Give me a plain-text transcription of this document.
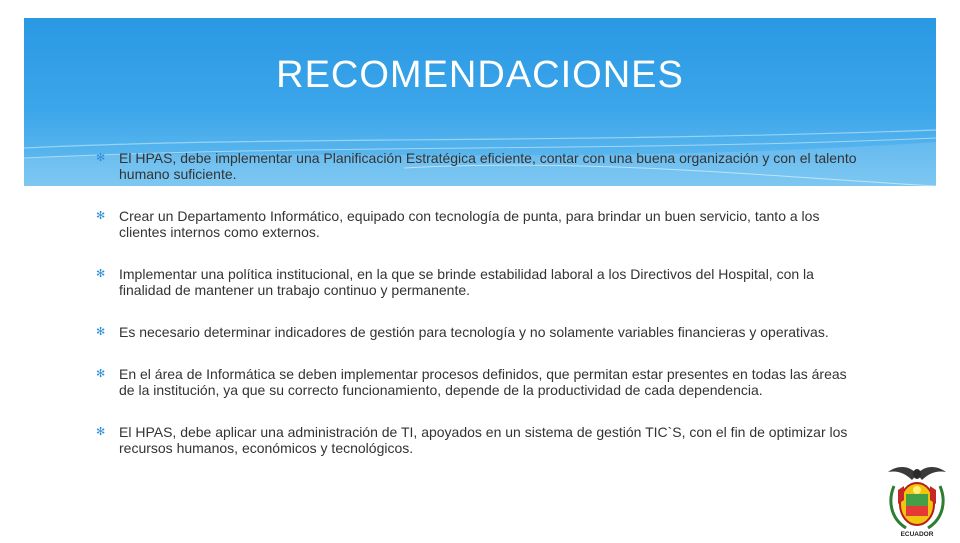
RECOMENDACIONES
✻ El HPAS, debe implementar una Planificación Estratégica eficiente, contar con una buena organización y con el talento humano suficiente.
✻ Crear un Departamento Informático, equipado con tecnología de punta, para brindar un buen servicio, tanto a los clientes internos como externos.
✻ Implementar una política institucional, en la que se brinde estabilidad laboral a los Directivos del Hospital, con la finalidad de mantener un trabajo continuo y permanente.
✻ Es necesario determinar indicadores de gestión para tecnología y no solamente variables financieras y operativas.
✻ En el área de Informática se deben implementar procesos definidos, que permitan estar presentes en todas las áreas de la institución, ya que su correcto funcionamiento, depende de la productividad de cada dependencia.
✻ El HPAS, debe aplicar una administración de TI, apoyados en un sistema de gestión TIC`S, con el fin de optimizar los recursos humanos, económicos y tecnológicos.
ECUADOR
